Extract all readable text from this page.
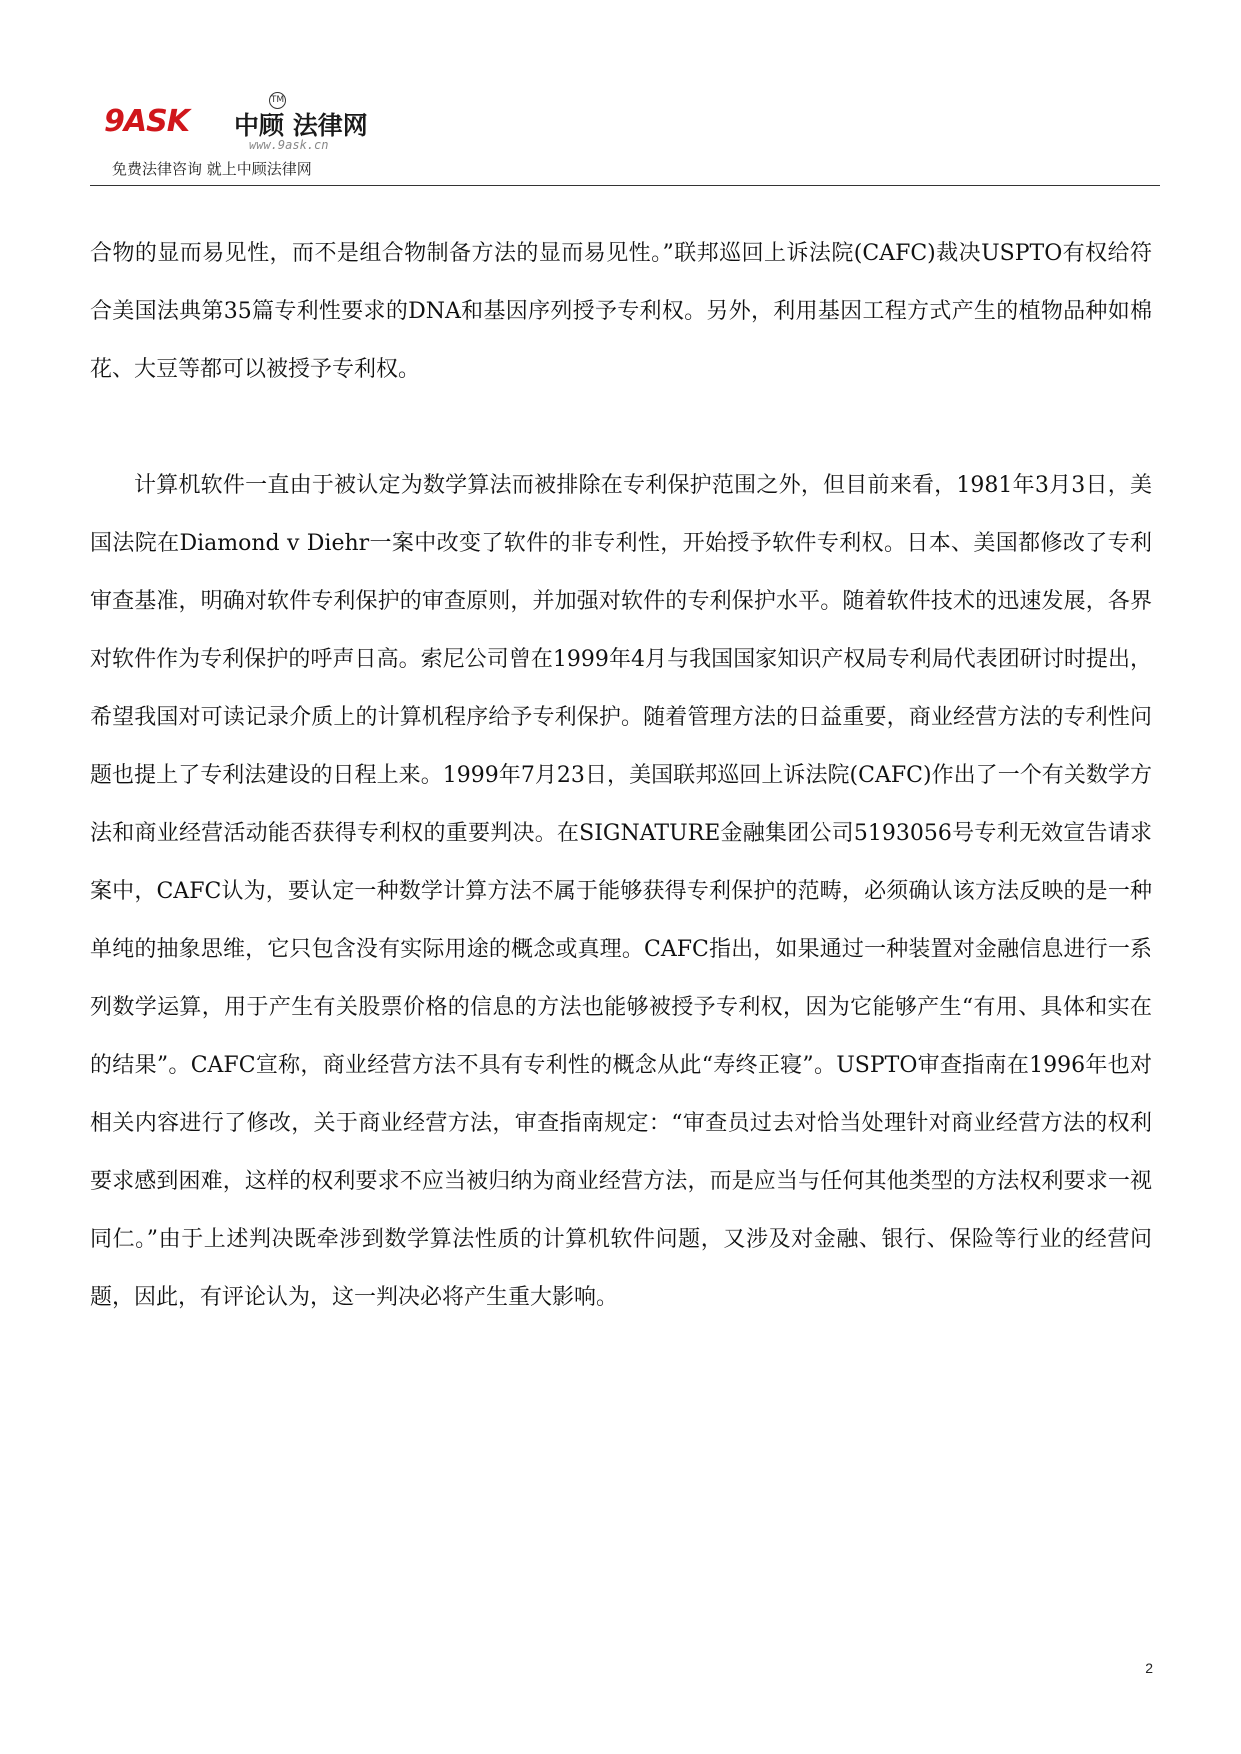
9ASK 中顾 法律网
TM
www.9ask.cn
免费法律咨询 就上中顾法律网

合物的显而易见性，而不是组合物制备方法的显而易见性。”联邦巡回上诉法院(CAFC)裁决USPTO有权给符合美国法典第35篇专利性要求的DNA和基因序列授予专利权。另外，利用基因工程方式产生的植物品种如棉花、大豆等都可以被授予专利权。

计算机软件一直由于被认定为数学算法而被排除在专利保护范围之外，但目前来看，1981年3月3日，美国法院在Diamond v Diehr一案中改变了软件的非专利性，开始授予软件专利权。日本、美国都修改了专利审查基准，明确对软件专利保护的审查原则，并加强对软件的专利保护水平。随着软件技术的迅速发展，各界对软件作为专利保护的呼声日高。索尼公司曾在1999年4月与我国国家知识产权局专利局代表团研讨时提出，希望我国对可读记录介质上的计算机程序给予专利保护。随着管理方法的日益重要，商业经营方法的专利性问题也提上了专利法建设的日程上来。1999年7月23日，美国联邦巡回上诉法院(CAFC)作出了一个有关数学方法和商业经营活动能否获得专利权的重要判决。在SIGNATURE金融集团公司5193056号专利无效宣告请求案中，CAFC认为，要认定一种数学计算方法不属于能够获得专利保护的范畴，必须确认该方法反映的是一种单纯的抽象思维，它只包含没有实际用途的概念或真理。CAFC指出，如果通过一种装置对金融信息进行一系列数学运算，用于产生有关股票价格的信息的方法也能够被授予专利权，因为它能够产生“有用、具体和实在的结果”。CAFC宣称，商业经营方法不具有专利性的概念从此“寿终正寝”。USPTO审查指南在1996年也对相关内容进行了修改，关于商业经营方法，审查指南规定：“审查员过去对恰当处理针对商业经营方法的权利要求感到困难，这样的权利要求不应当被归纳为商业经营方法，而是应当与任何其他类型的方法权利要求一视同仁。”由于上述判决既牵涉到数学算法性质的计算机软件问题，又涉及对金融、银行、保险等行业的经营问题，因此，有评论认为，这一判决必将产生重大影响。

2
